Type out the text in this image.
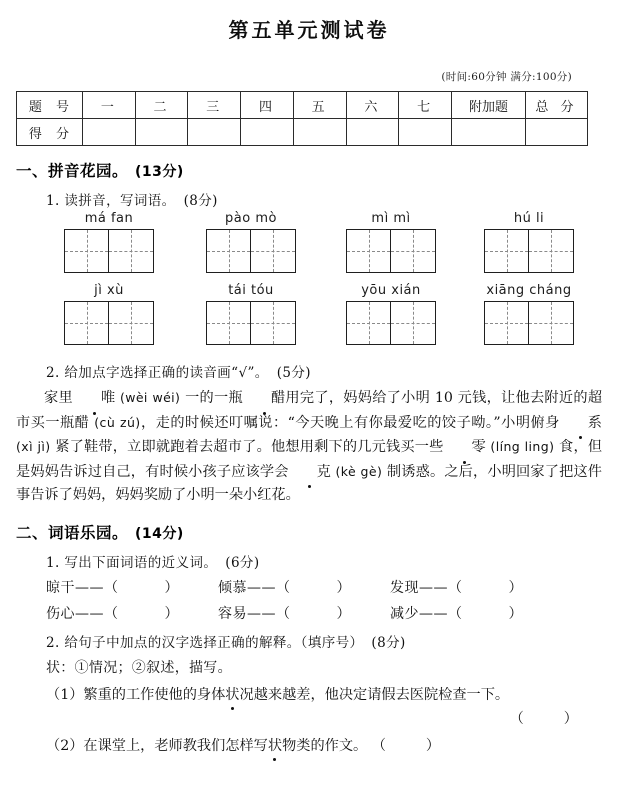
第五单元测试卷
(时间:60分钟 满分:100分)
题 号	一	二	三	四	五	六	七	附加题	总 分
得 分									
一、拼音花园。 (13分)
1. 读拼音，写词语。 (8分)
má fan	pào mò	mì mì	hú li
jì xù	tái tóu	yōu xián	xiāng cháng
2. 给加点字选择正确的读音画“√”。 (5分)
家里 唯 (wèi wéi) 一的一瓶 醋用完了，妈妈给了小明 10 元钱，让他去附近的超市买一瓶醋 (cù zú)，走的时候还叮嘱说：“今天晚上有你最爱吃的饺子呦。”小明俯身 系 (xì jì) 紧了鞋带，立即就跑着去超市了。他想用剩下的几元钱买一些 零 (líng ling) 食，但是妈妈告诉过自己，有时候小孩子应该学会 克 (kè gè) 制诱惑。之后，小明回家了把这件事告诉了妈妈，妈妈奖励了小明一朵小红花。
二、词语乐园。 (14分)
1. 写出下面词语的近义词。 (6分)
晾干——（	）	倾慕——（	）	发现——（	）
伤心——（	）	容易——（	）	减少——（	）
2. 给句子中加点的汉字选择正确的解释。（填序号） (8分)
状：①情况；②叙述，描写。
（1）繁重的工作使他的身体状况越来越差，他决定请假去医院检查一下。
（	）
（2）在课堂上，老师教我们怎样写状物类的作文。 （	）
